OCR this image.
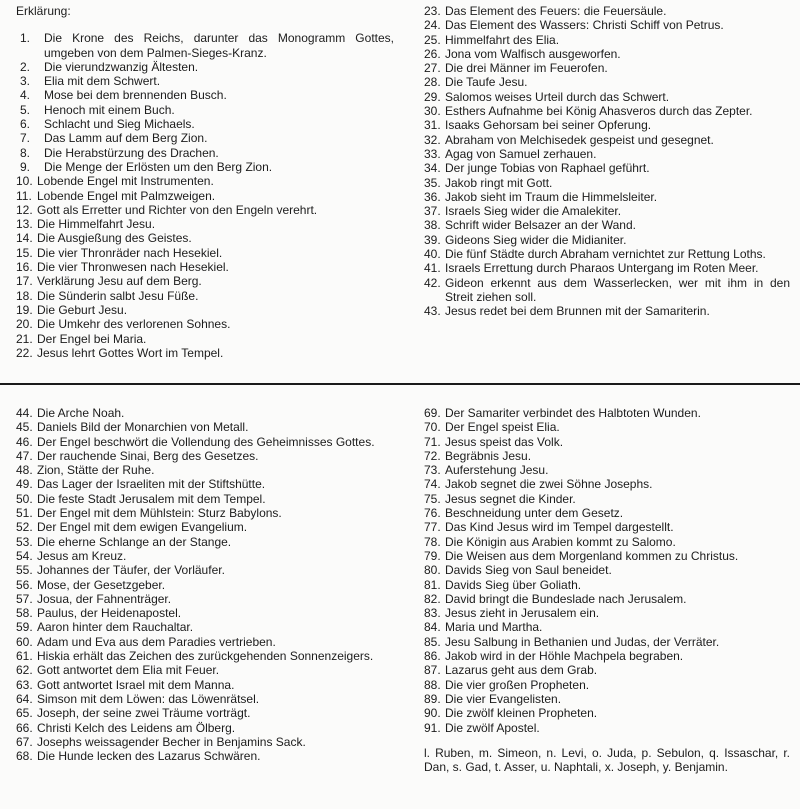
Erklärung:
1.	Die Krone des Reichs, darunter das Monogramm Gottes, umgeben von dem Palmen-Sieges-Kranz.
2.	Die vierundzwanzig Ältesten.
3.	Elia mit dem Schwert.
4.	Mose bei dem brennenden Busch.
5.	Henoch mit einem Buch.
6.	Schlacht und Sieg Michaels.
7.	Das Lamm auf dem Berg Zion.
8.	Die Herabstürzung des Drachen.
9.	Die Menge der Erlösten um den Berg Zion.
10. Lobende Engel mit Instrumenten.
11. Lobende Engel mit Palmzweigen.
12. Gott als Erretter und Richter von den Engeln verehrt.
13. Die Himmelfahrt Jesu.
14. Die Ausgießung des Geistes.
15. Die vier Thronräder nach Hesekiel.
16. Die vier Thronwesen nach Hesekiel.
17. Verklärung Jesu auf dem Berg.
18. Die Sünderin salbt Jesu Füße.
19. Die Geburt Jesu.
20. Die Umkehr des verlorenen Sohnes.
21. Der Engel bei Maria.
22. Jesus lehrt Gottes Wort im Tempel.
23. Das Element des Feuers: die Feuersäule.
24. Das Element des Wassers: Christi Schiff von Petrus.
25. Himmelfahrt des Elia.
26. Jona vom Walfisch ausgeworfen.
27. Die drei Männer im Feuerofen.
28. Die Taufe Jesu.
29. Salomos weises Urteil durch das Schwert.
30. Esthers Aufnahme bei König Ahasveros durch das Zepter.
31. Isaaks Gehorsam bei seiner Opferung.
32. Abraham von Melchisedek gespeist und gesegnet.
33. Agag von Samuel zerhauen.
34. Der junge Tobias von Raphael geführt.
35. Jakob ringt mit Gott.
36. Jakob sieht im Traum die Himmelsleiter.
37. Israels Sieg wider die Amalekiter.
38. Schrift wider Belsazer an der Wand.
39. Gideons Sieg wider die Midianiter.
40. Die fünf Städte durch Abraham vernichtet zur Rettung Loths.
41. Israels Errettung durch Pharaos Untergang im Roten Meer.
42. Gideon erkennt aus dem Wasserlecken, wer mit ihm in den Streit ziehen soll.
43. Jesus redet bei dem Brunnen mit der Samariterin.
44. Die Arche Noah.
45. Daniels Bild der Monarchien von Metall.
46. Der Engel beschwört die Vollendung des Geheimnisses Gottes.
47. Der rauchende Sinai, Berg des Gesetzes.
48. Zion, Stätte der Ruhe.
49. Das Lager der Israeliten mit der Stiftshütte.
50. Die feste Stadt Jerusalem mit dem Tempel.
51. Der Engel mit dem Mühlstein: Sturz Babylons.
52. Der Engel mit dem ewigen Evangelium.
53. Die eherne Schlange an der Stange.
54. Jesus am Kreuz.
55. Johannes der Täufer, der Vorläufer.
56. Mose, der Gesetzgeber.
57. Josua, der Fahnenträger.
58. Paulus, der Heidenapostel.
59. Aaron hinter dem Rauchaltar.
60. Adam und Eva aus dem Paradies vertrieben.
61. Hiskia erhält das Zeichen des zurückgehenden Sonnenzeigers.
62. Gott antwortet dem Elia mit Feuer.
63. Gott antwortet Israel mit dem Manna.
64. Simson mit dem Löwen: das Löwenrätsel.
65. Joseph, der seine zwei Träume vorträgt.
66. Christi Kelch des Leidens am Ölberg.
67. Josephs weissagender Becher in Benjamins Sack.
68. Die Hunde lecken des Lazarus Schwären.
69. Der Samariter verbindet des Halbtoten Wunden.
70. Der Engel speist Elia.
71. Jesus speist das Volk.
72. Begräbnis Jesu.
73. Auferstehung Jesu.
74. Jakob segnet die zwei Söhne Josephs.
75. Jesus segnet die Kinder.
76. Beschneidung unter dem Gesetz.
77. Das Kind Jesus wird im Tempel dargestellt.
78. Die Königin aus Arabien kommt zu Salomo.
79. Die Weisen aus dem Morgenland kommen zu Christus.
80. Davids Sieg von Saul beneidet.
81. Davids Sieg über Goliath.
82. David bringt die Bundeslade nach Jerusalem.
83. Jesus zieht in Jerusalem ein.
84. Maria und Martha.
85. Jesu Salbung in Bethanien und Judas, der Verräter.
86. Jakob wird in der Höhle Machpela begraben.
87. Lazarus geht aus dem Grab.
88. Die vier großen Propheten.
89. Die vier Evangelisten.
90. Die zwölf kleinen Propheten.
91. Die zwölf Apostel.
l. Ruben, m. Simeon, n. Levi, o. Juda, p. Sebulon, q. Issaschar, r. Dan, s. Gad, t. Asser, u. Naphtali, x. Joseph, y. Benjamin.
